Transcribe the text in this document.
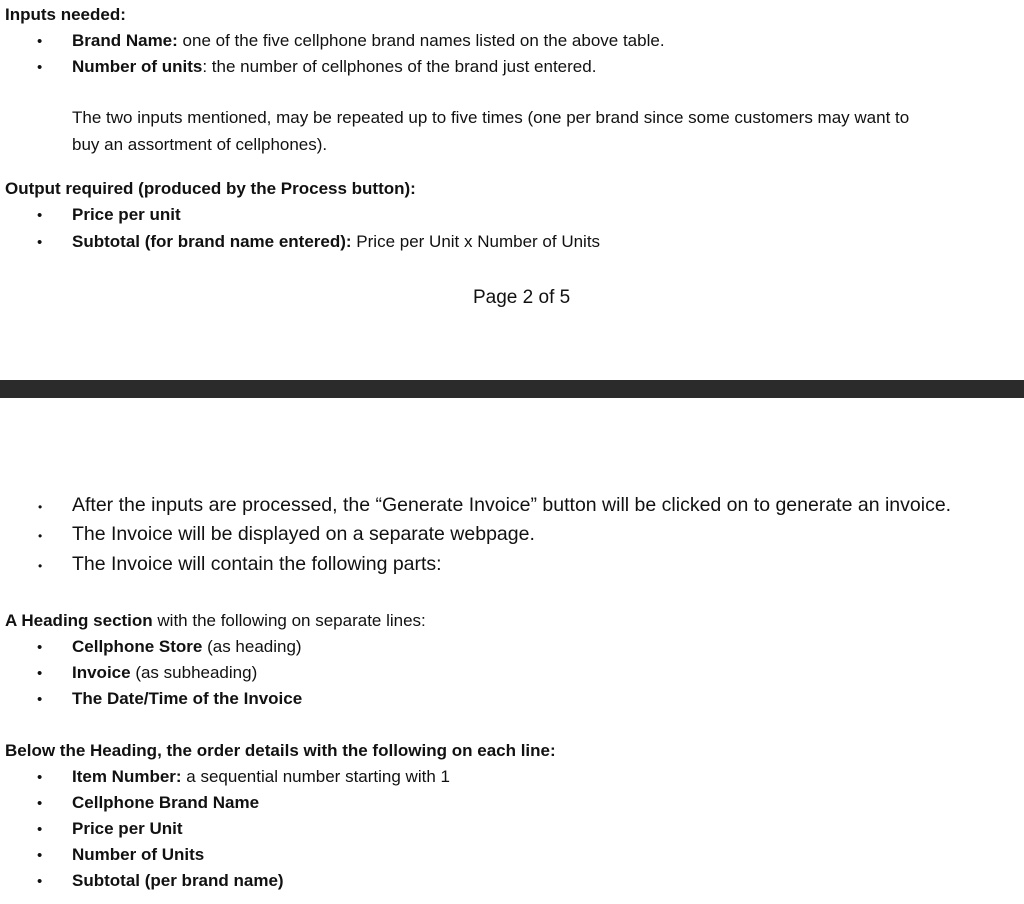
Inputs needed:
• Brand Name: one of the five cellphone brand names listed on the above table.
• Number of units: the number of cellphones of the brand just entered.
The two inputs mentioned, may be repeated up to five times (one per brand since some customers may want to
buy an assortment of cellphones).
Output required (produced by the Process button):
• Price per unit
• Subtotal (for brand name entered): Price per Unit x Number of Units
Page 2 of 5
• After the inputs are processed, the “Generate Invoice” button will be clicked on to generate an invoice.
• The Invoice will be displayed on a separate webpage.
• The Invoice will contain the following parts:
A Heading section with the following on separate lines:
• Cellphone Store (as heading)
• Invoice (as subheading)
• The Date/Time of the Invoice
Below the Heading, the order details with the following on each line:
• Item Number: a sequential number starting with 1
• Cellphone Brand Name
• Price per Unit
• Number of Units
• Subtotal (per brand name)
